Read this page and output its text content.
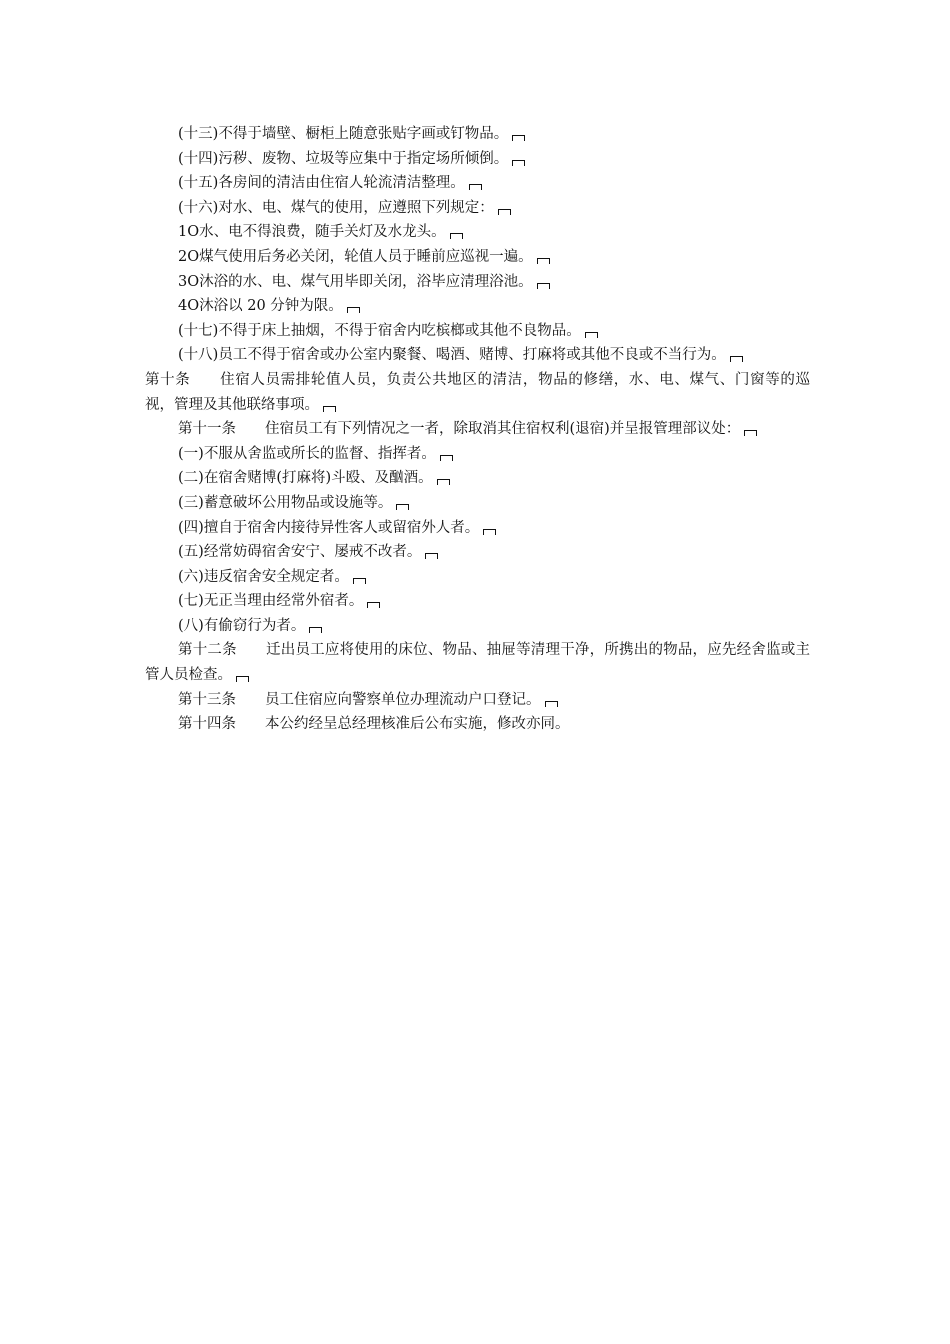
(十三)不得于墙壁、橱柜上随意张贴字画或钉物品。
(十四)污秽、废物、垃圾等应集中于指定场所倾倒。
(十五)各房间的清洁由住宿人轮流清洁整理。
(十六)对水、电、煤气的使用，应遵照下列规定：
1O水、电不得浪费，随手关灯及水龙头。
2O煤气使用后务必关闭，轮值人员于睡前应巡视一遍。
3O沐浴的水、电、煤气用毕即关闭，浴毕应清理浴池。
4O沐浴以 20 分钟为限。
(十七)不得于床上抽烟，不得于宿舍内吃槟榔或其他不良物品。
(十八)员工不得于宿舍或办公室内聚餐、喝酒、赌博、打麻将或其他不良或不当行为。
第十条 住宿人员需排轮值人员，负责公共地区的清洁，物品的修缮，水、电、煤气、门窗等的巡视，管理及其他联络事项。
第十一条 住宿员工有下列情况之一者，除取消其住宿权利(退宿)并呈报管理部议处：
(一)不服从舍监或所长的监督、指挥者。
(二)在宿舍赌博(打麻将)斗殴、及酗酒。
(三)蓄意破坏公用物品或设施等。
(四)擅自于宿舍内接待异性客人或留宿外人者。
(五)经常妨碍宿舍安宁、屡戒不改者。
(六)违反宿舍安全规定者。
(七)无正当理由经常外宿者。
(八)有偷窃行为者。
第十二条 迁出员工应将使用的床位、物品、抽屉等清理干净，所携出的物品，应先经舍监或主管人员检查。
第十三条 员工住宿应向警察单位办理流动户口登记。
第十四条 本公约经呈总经理核准后公布实施，修改亦同。
